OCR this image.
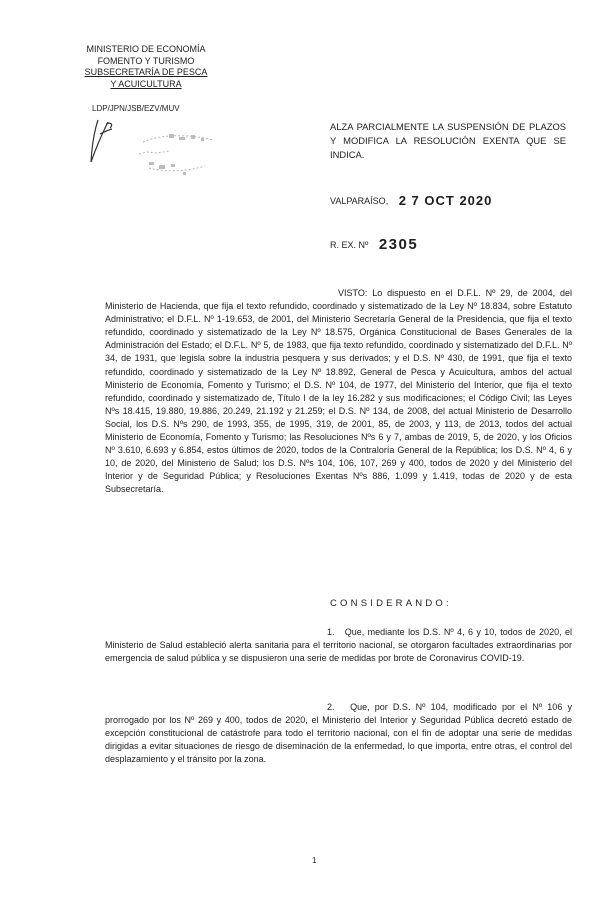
MINISTERIO DE ECONOMÍA
FOMENTO Y TURISMO
SUBSECRETARÍA DE PESCA
Y ACUICULTURA
LDP/JPN/JSB/EZV/MUV
ALZA PARCIALMENTE LA SUSPENSIÓN DE PLAZOS Y MODIFICA LA RESOLUCIÓN EXENTA QUE SE INDICA.
VALPARAÍSO, 2 7 OCT 2020
R. EX. Nº 2305
VISTO: Lo dispuesto en el D.F.L. Nº 29, de 2004, del Ministerio de Hacienda, que fija el texto refundido, coordinado y sistematizado de la Ley Nº 18.834, sobre Estatuto Administrativo; el D.F.L. Nº 1-19.653, de 2001, del Ministerio Secretaría General de la Presidencia, que fija el texto refundido, coordinado y sistematizado de la Ley Nº 18.575, Orgánica Constitucional de Bases Generales de la Administración del Estado; el D.F.L. Nº 5, de 1983, que fija texto refundido, coordinado y sistematizado del D.F.L. Nº 34, de 1931, que legisla sobre la industria pesquera y sus derivados; y el D.S. Nº 430, de 1991, que fija el texto refundido, coordinado y sistematizado de la Ley Nº 18.892, General de Pesca y Acuicultura, ambos del actual Ministerio de Economía, Fomento y Turismo; el D.S. Nº 104, de 1977, del Ministerio del Interior, que fija el texto refundido, coordinado y sistematizado de, Título I de la ley 16.282 y sus modificaciones; el Código Civil; las Leyes Nºs 18.415, 19.880, 19.886, 20.249, 21.192 y 21.259; el D.S. Nº 134, de 2008, del actual Ministerio de Desarrollo Social, los D.S. Nºs 290, de 1993, 355, de 1995, 319, de 2001, 85, de 2003, y 113, de 2013, todos del actual Ministerio de Economía, Fomento y Turismo; las Resoluciones Nºs 6 y 7, ambas de 2019, 5, de 2020, y los Oficios Nº 3.610, 6.693 y 6.854, estos últimos de 2020, todos de la Contraloría General de la República; los D.S. Nº 4, 6 y 10, de 2020, del Ministerio de Salud; los D.S. Nºs 104, 106, 107, 269 y 400, todos de 2020 y del Ministerio del Interior y de Seguridad Pública; y Resoluciones Exentas Nºs 886, 1.099 y 1.419, todas de 2020 y de esta Subsecretaría.
CONSIDERANDO:
1. Que, mediante los D.S. Nº 4, 6 y 10, todos de 2020, el Ministerio de Salud estableció alerta sanitaria para el territorio nacional, se otorgaron facultades extraordinarias por emergencia de salud pública y se dispusieron una serie de medidas por brote de Coronavirus COVID-19.
2. Que, por D.S. Nº 104, modificado por el Nº 106 y prorrogado por los Nº 269 y 400, todos de 2020, el Ministerio del Interior y Seguridad Pública decretó estado de excepción constitucional de catástrofe para todo el territorio nacional, con el fin de adoptar una serie de medidas dirigidas a evitar situaciones de riesgo de diseminación de la enfermedad, lo que importa, entre otras, el control del desplazamiento y el tránsito por la zona.
1
